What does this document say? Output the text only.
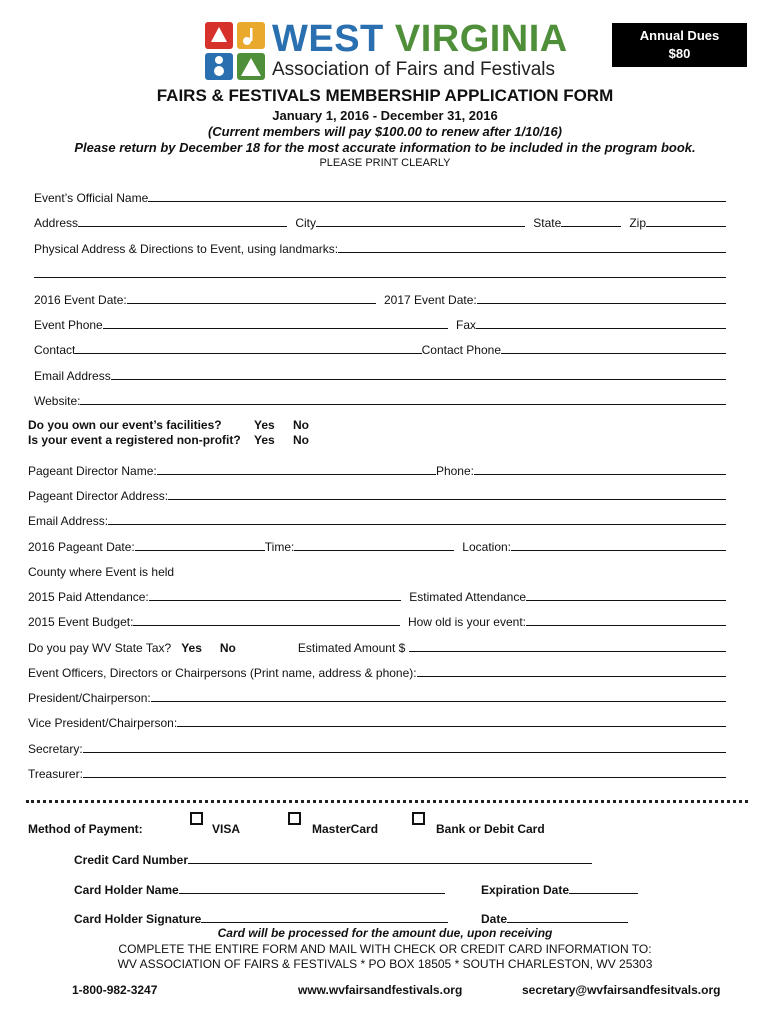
WEST VIRGINIA
Association of Fairs and Festivals
Annual Dues
$80
FAIRS & FESTIVALS MEMBERSHIP APPLICATION FORM
January 1, 2016 - December 31, 2016
(Current members will pay $100.00 to renew after 1/10/16)
Please return by December 18 for the most accurate information to be included in the program book.
PLEASE PRINT CLEARLY
Event’s Official Name
Address	City	State	Zip
Physical Address & Directions to Event, using landmarks:
2016 Event Date:	2017 Event Date:
Event Phone	Fax
Contact	Contact Phone
Email Address
Website:
Do you own our event’s facilities?	Yes No
Is your event a registered non-profit? Yes No
Pageant Director Name:	Phone:
Pageant Director Address:
Email Address:
2016 Pageant Date:	Time:	Location:
County where Event is held
2015 Paid Attendance:	Estimated Attendance
2015 Event Budget:	How old is your event:
Do you pay WV State Tax? Yes No	Estimated Amount $
Event Officers, Directors or Chairpersons (Print name, address & phone):
President/Chairperson:
Vice President/Chairperson:
Secretary:
Treasurer:
Method of Payment:	VISA	MasterCard	Bank or Debit Card
Credit Card Number
Card Holder Name	Expiration Date
Card Holder Signature	Date
Card will be processed for the amount due, upon receiving
COMPLETE THE ENTIRE FORM AND MAIL WITH CHECK OR CREDIT CARD INFORMATION TO:
WV ASSOCIATION OF FAIRS & FESTIVALS * PO BOX 18505 * SOUTH CHARLESTON, WV 25303
1-800-982-3247	www.wvfairsandfestivals.org	secretary@wvfairsandfesitvals.org
